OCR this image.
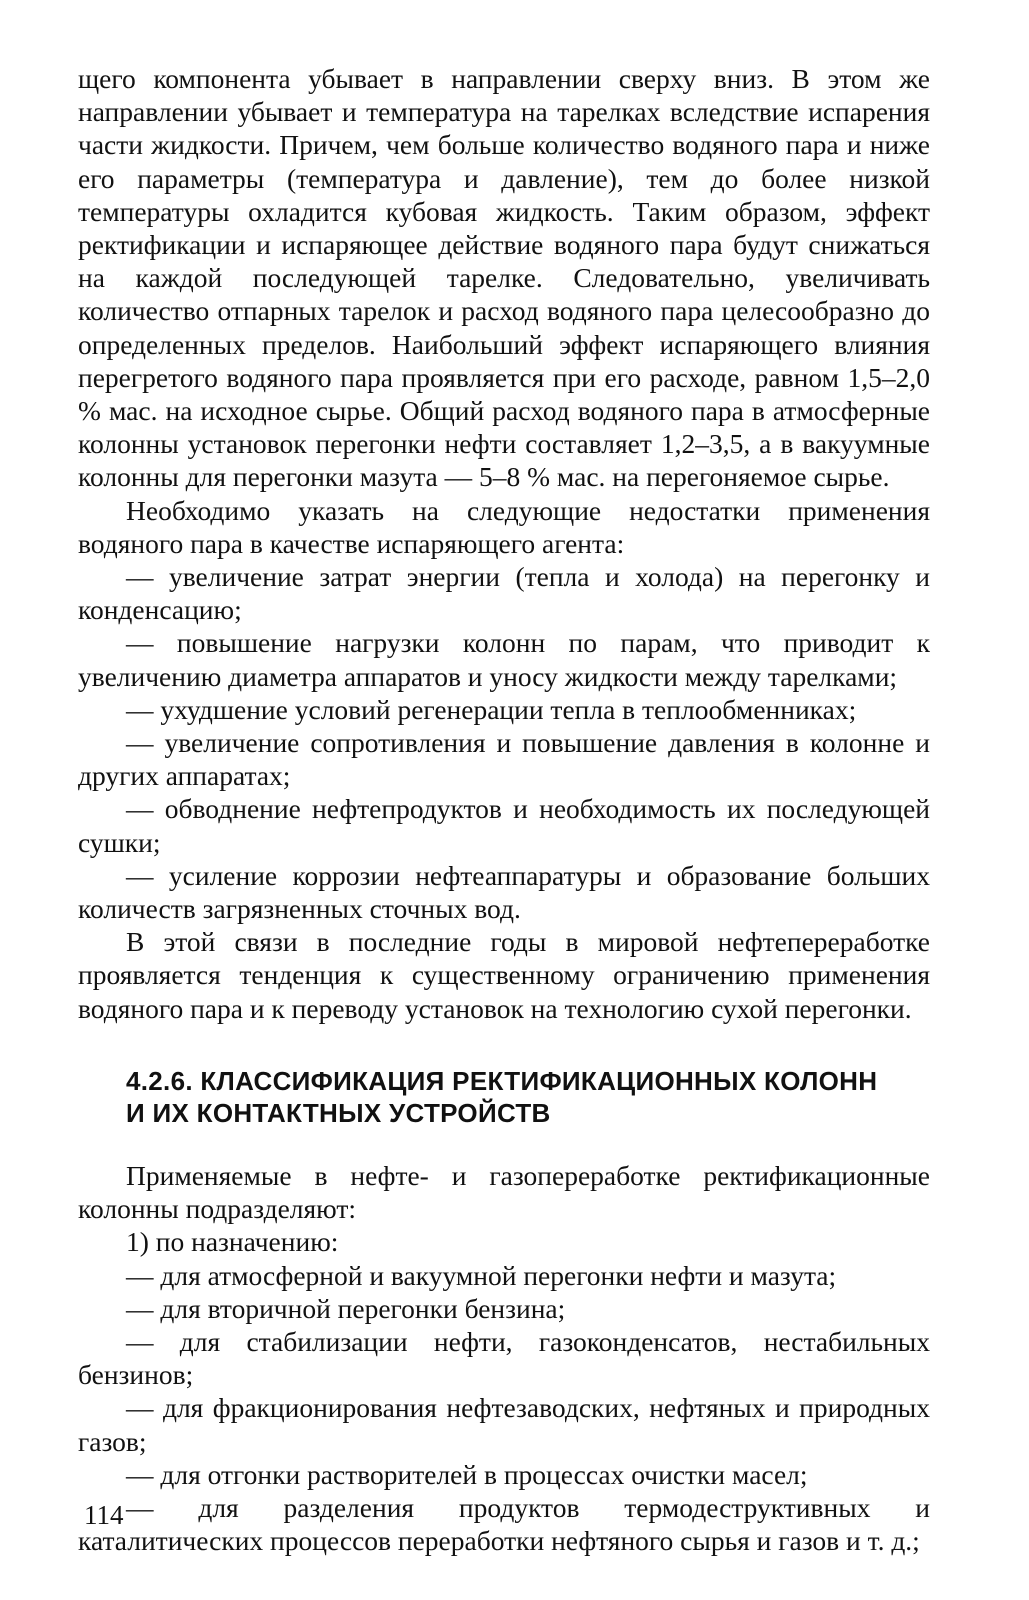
щего компонента убывает в направлении сверху вниз. В этом же направлении убывает и температура на тарелках вследствие испарения части жидкости. Причем, чем больше количество водяного пара и ниже его параметры (температура и давление), тем до более низкой температуры охладится кубовая жидкость. Таким образом, эффект ректификации и испаряющее действие водяного пара будут снижаться на каждой последующей тарелке. Следовательно, увеличивать количество отпарных тарелок и расход водяного пара целесообразно до определенных пределов. Наибольший эффект испаряющего влияния перегретого водяного пара проявляется при его расходе, равном 1,5–2,0 % мас. на исходное сырье. Общий расход водяного пара в атмосферные колонны установок перегонки нефти составляет 1,2–3,5, а в вакуумные колонны для перегонки мазута — 5–8 % мас. на перегоняемое сырье.

Необходимо указать на следующие недостатки применения водяного пара в качестве испаряющего агента:

— увеличение затрат энергии (тепла и холода) на перегонку и конденсацию;

— повышение нагрузки колонн по парам, что приводит к увеличению диаметра аппаратов и уносу жидкости между тарелками;

— ухудшение условий регенерации тепла в теплообменниках;

— увеличение сопротивления и повышение давления в колонне и других аппаратах;

— обводнение нефтепродуктов и необходимость их последующей сушки;

— усиление коррозии нефтеаппаратуры и образование больших количеств загрязненных сточных вод.

В этой связи в последние годы в мировой нефтепереработке проявляется тенденция к существенному ограничению применения водяного пара и к переводу установок на технологию сухой перегонки.

4.2.6. КЛАССИФИКАЦИЯ РЕКТИФИКАЦИОННЫХ КОЛОНН
И ИХ КОНТАКТНЫХ УСТРОЙСТВ

Применяемые в нефте- и газопереработке ректификационные колонны подразделяют:

1) по назначению:

— для атмосферной и вакуумной перегонки нефти и мазута;

— для вторичной перегонки бензина;

— для стабилизации нефти, газоконденсатов, нестабильных бензинов;

— для фракционирования нефтезаводских, нефтяных и природных газов;

— для отгонки растворителей в процессах очистки масел;

— для разделения продуктов термодеструктивных и каталитических процессов переработки нефтяного сырья и газов и т. д.;

114
